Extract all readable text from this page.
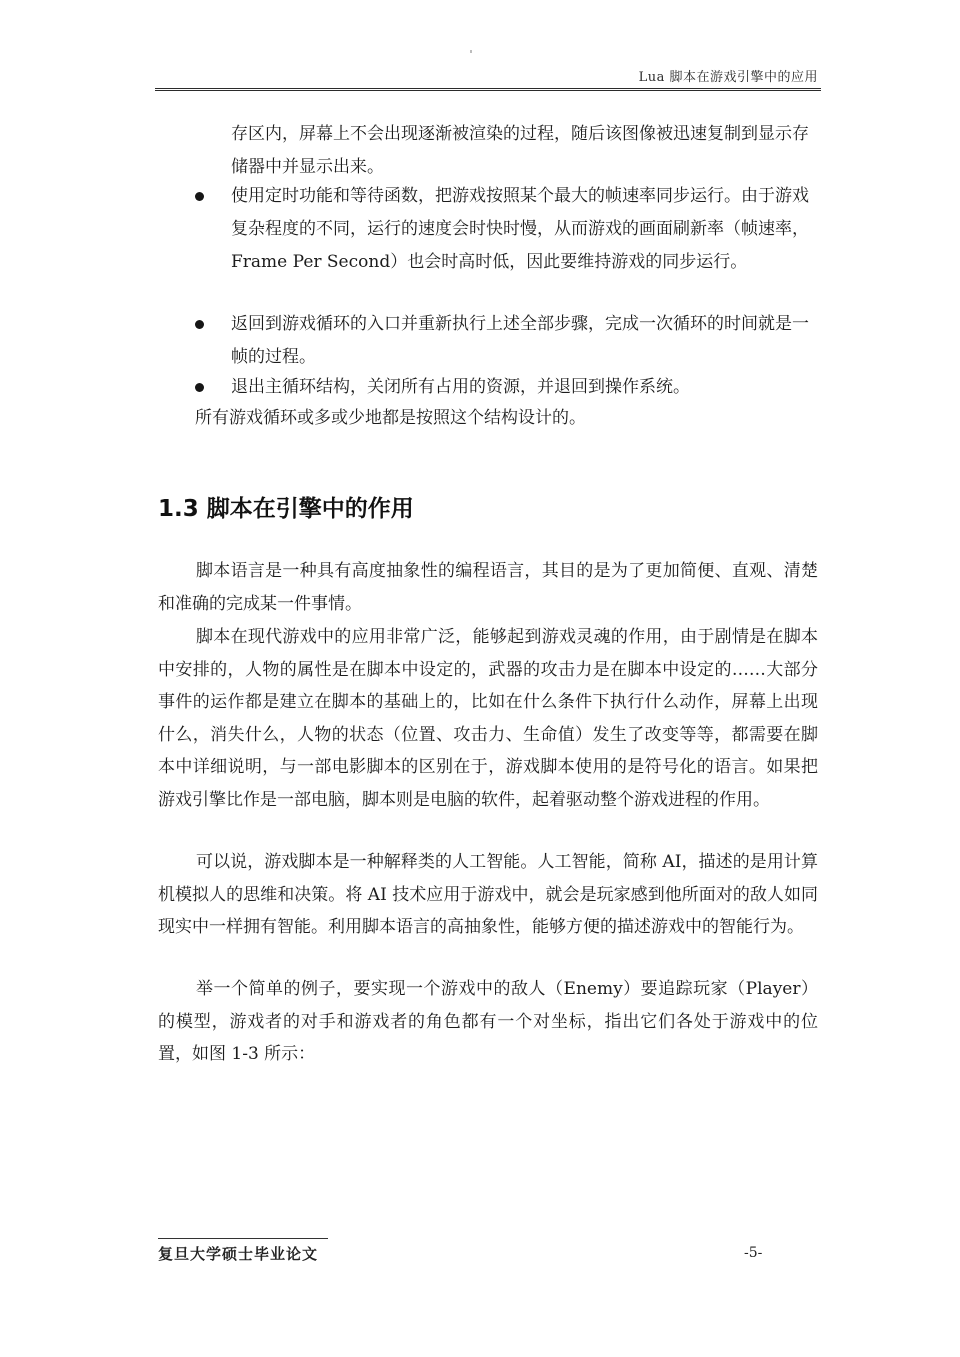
Lua 脚本在游戏引擎中的应用

存区内，屏幕上不会出现逐渐被渲染的过程，随后该图像被迅速复制到显示存储器中并显示出来。

使用定时功能和等待函数，把游戏按照某个最大的帧速率同步运行。由于游戏复杂程度的不同，运行的速度会时快时慢，从而游戏的画面刷新率（帧速率，Frame Per Second）也会时高时低，因此要维持游戏的同步运行。

返回到游戏循环的入口并重新执行上述全部步骤，完成一次循环的时间就是一帧的过程。

退出主循环结构，关闭所有占用的资源，并退回到操作系统。

所有游戏循环或多或少地都是按照这个结构设计的。

1.3 脚本在引擎中的作用

脚本语言是一种具有高度抽象性的编程语言，其目的是为了更加简便、直观、清楚和准确的完成某一件事情。

脚本在现代游戏中的应用非常广泛，能够起到游戏灵魂的作用，由于剧情是在脚本中安排的，人物的属性是在脚本中设定的，武器的攻击力是在脚本中设定的……大部分事件的运作都是建立在脚本的基础上的，比如在什么条件下执行什么动作，屏幕上出现什么，消失什么，人物的状态（位置、攻击力、生命值）发生了改变等等，都需要在脚本中详细说明，与一部电影脚本的区别在于，游戏脚本使用的是符号化的语言。如果把游戏引擎比作是一部电脑，脚本则是电脑的软件，起着驱动整个游戏进程的作用。

可以说，游戏脚本是一种解释类的人工智能。人工智能，简称 AI，描述的是用计算机模拟人的思维和决策。将 AI 技术应用于游戏中，就会是玩家感到他所面对的敌人如同现实中一样拥有智能。利用脚本语言的高抽象性，能够方便的描述游戏中的智能行为。

举一个简单的例子，要实现一个游戏中的敌人（Enemy）要追踪玩家（Player）的模型，游戏者的对手和游戏者的角色都有一个对坐标，指出它们各处于游戏中的位置，如图 1-3 所示：

复旦大学硕士毕业论文	-5-
